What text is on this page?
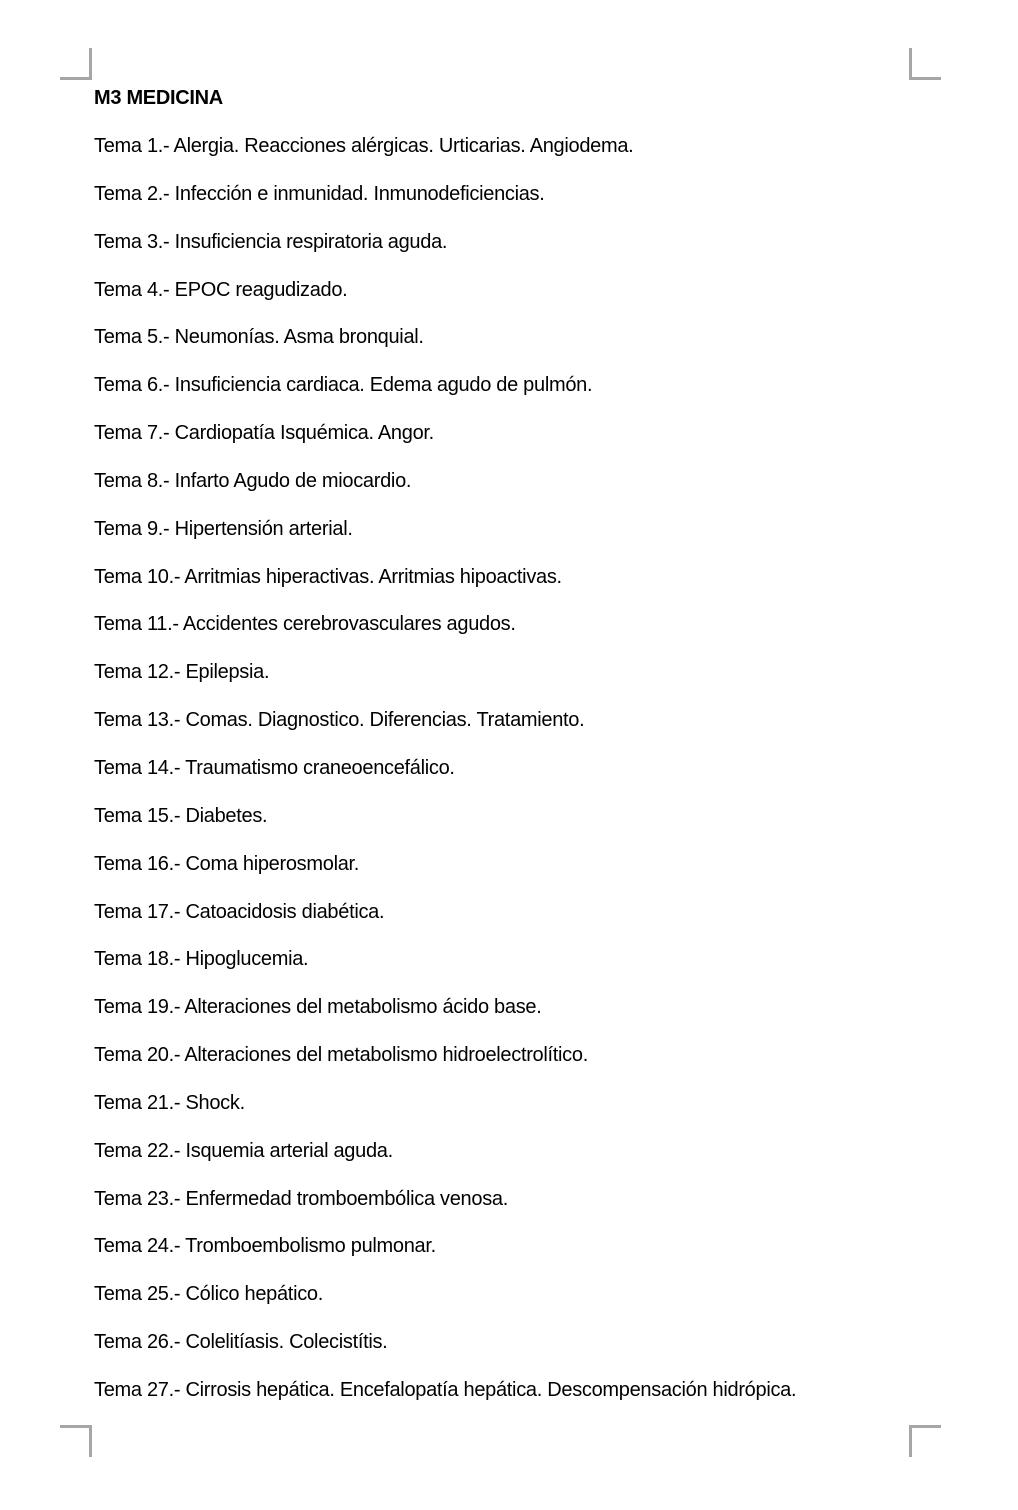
M3 MEDICINA
Tema 1.- Alergia. Reacciones alérgicas. Urticarias. Angiodema.
Tema 2.- Infección e inmunidad. Inmunodeficiencias.
Tema 3.- Insuficiencia respiratoria aguda.
Tema 4.- EPOC reagudizado.
Tema 5.- Neumonías. Asma bronquial.
Tema 6.- Insuficiencia cardiaca. Edema agudo de pulmón.
Tema 7.- Cardiopatía Isquémica. Angor.
Tema 8.- Infarto Agudo de miocardio.
Tema 9.- Hipertensión arterial.
Tema 10.- Arritmias hiperactivas. Arritmias hipoactivas.
Tema 11.- Accidentes cerebrovasculares agudos.
Tema 12.- Epilepsia.
Tema 13.- Comas. Diagnostico. Diferencias. Tratamiento.
Tema 14.- Traumatismo craneoencefálico.
Tema 15.- Diabetes.
Tema 16.- Coma hiperosmolar.
Tema 17.- Catoacidosis diabética.
Tema 18.- Hipoglucemia.
Tema 19.- Alteraciones del metabolismo ácido base.
Tema 20.- Alteraciones del metabolismo hidroelectrolítico.
Tema 21.- Shock.
Tema 22.- Isquemia arterial aguda.
Tema 23.- Enfermedad tromboembólica venosa.
Tema 24.- Tromboembolismo pulmonar.
Tema 25.- Cólico hepático.
Tema 26.- Colelitíasis. Colecistítis.
Tema 27.- Cirrosis hepática. Encefalopatía hepática. Descompensación hidrópica.
